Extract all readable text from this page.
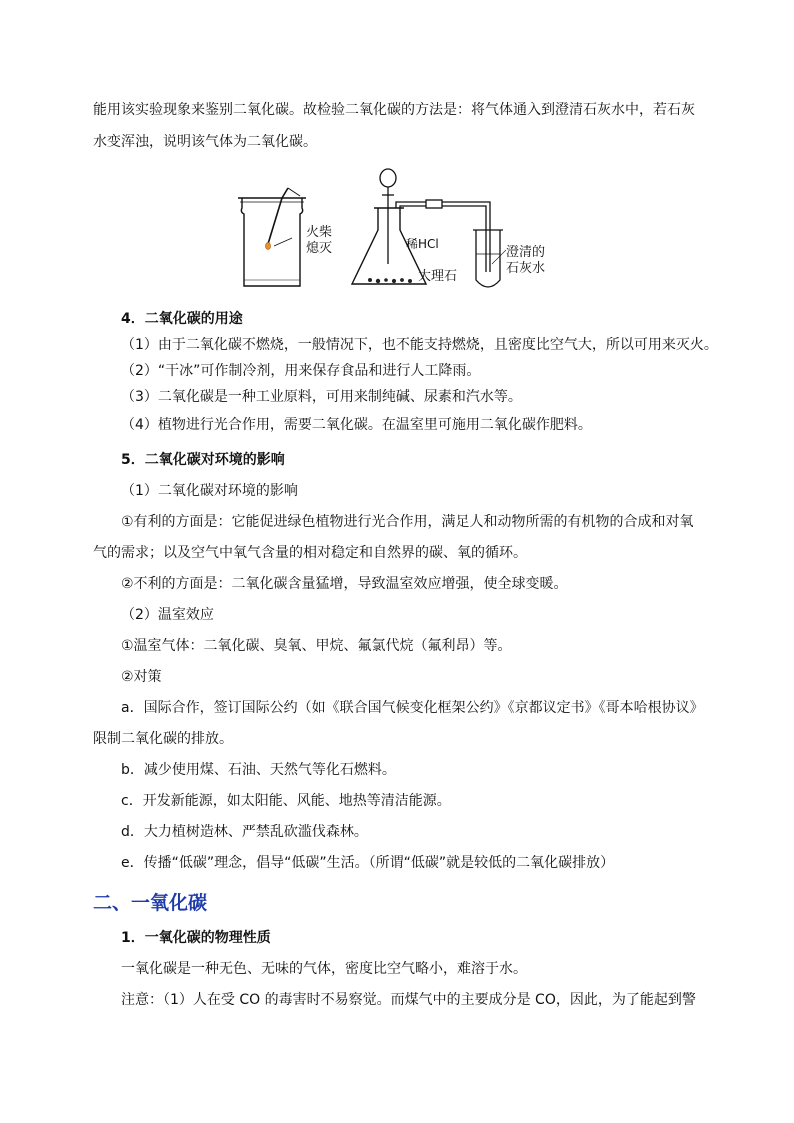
能用该实验现象来鉴别二氧化碳。故检验二氧化碳的方法是：将气体通入到澄清石灰水中，若石灰
水变浑浊，说明该气体为二氧化碳。
火柴
熄灭	稀HCl
大理石
澄清的
石灰水
4．二氧化碳的用途
（1）由于二氧化碳不燃烧，一般情况下，也不能支持燃烧，且密度比空气大，所以可用来灭火。
（2）“干冰”可作制冷剂，用来保存食品和进行人工降雨。
（3）二氧化碳是一种工业原料，可用来制纯碱、尿素和汽水等。
（4）植物进行光合作用，需要二氧化碳。在温室里可施用二氧化碳作肥料。
5．二氧化碳对环境的影响
（1）二氧化碳对环境的影响
①有利的方面是：它能促进绿色植物进行光合作用，满足人和动物所需的有机物的合成和对氧
气的需求；以及空气中氧气含量的相对稳定和自然界的碳、氧的循环。
②不利的方面是：二氧化碳含量猛增，导致温室效应增强，使全球变暖。
（2）温室效应
①温室气体：二氧化碳、臭氧、甲烷、氟氯代烷（氟利昂）等。
②对策
a．国际合作，签订国际公约（如《联合国气候变化框架公约》《京都议定书》《哥本哈根协议》
限制二氧化碳的排放。
b．减少使用煤、石油、天然气等化石燃料。
c．开发新能源，如太阳能、风能、地热等清洁能源。
d．大力植树造林、严禁乱砍滥伐森林。
e．传播“低碳”理念，倡导“低碳”生活。（所谓“低碳”就是较低的二氧化碳排放）
二、一氧化碳
1．一氧化碳的物理性质
一氧化碳是一种无色、无味的气体，密度比空气略小，难溶于水。
注意：（1）人在受 CO 的毒害时不易察觉。而煤气中的主要成分是 CO，因此，为了能起到警
